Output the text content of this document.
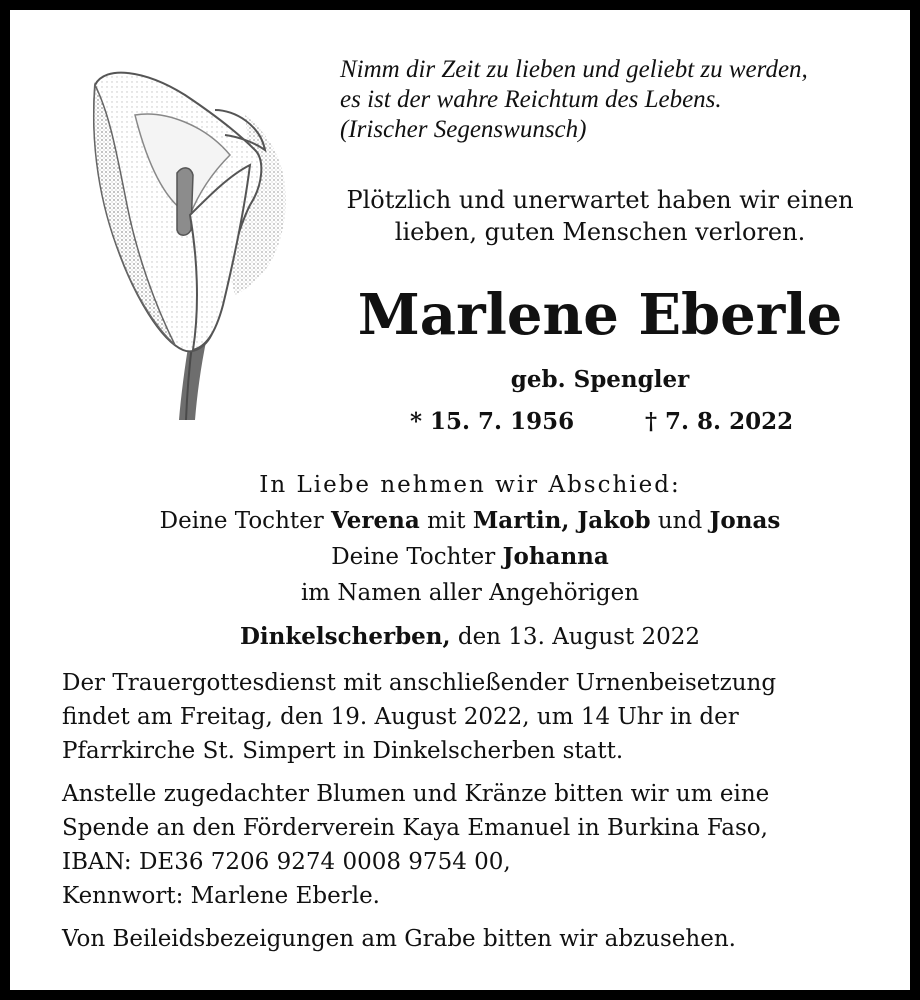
Nimm dir Zeit zu lieben und geliebt zu werden,
es ist der wahre Reichtum des Lebens.
(Irischer Segenswunsch)
Plötzlich und unerwartet haben wir einen
lieben, guten Menschen verloren.
Marlene Eberle
geb. Spengler
* 15. 7. 1956	† 7. 8. 2022
In Liebe nehmen wir Abschied:
Deine Tochter Verena mit Martin, Jakob und Jonas
Deine Tochter Johanna
im Namen aller Angehörigen
Dinkelscherben, den 13. August 2022

Der Trauergottesdienst mit anschließender Urnenbeisetzung
findet am Freitag, den 19. August 2022, um 14 Uhr in der
Pfarrkirche St. Simpert in Dinkelscherben statt.

Anstelle zugedachter Blumen und Kränze bitten wir um eine
Spende an den Förderverein Kaya Emanuel in Burkina Faso,
IBAN: DE36 7206 9274 0008 9754 00,
Kennwort: Marlene Eberle.

Von Beileidsbezeigungen am Grabe bitten wir abzusehen.
